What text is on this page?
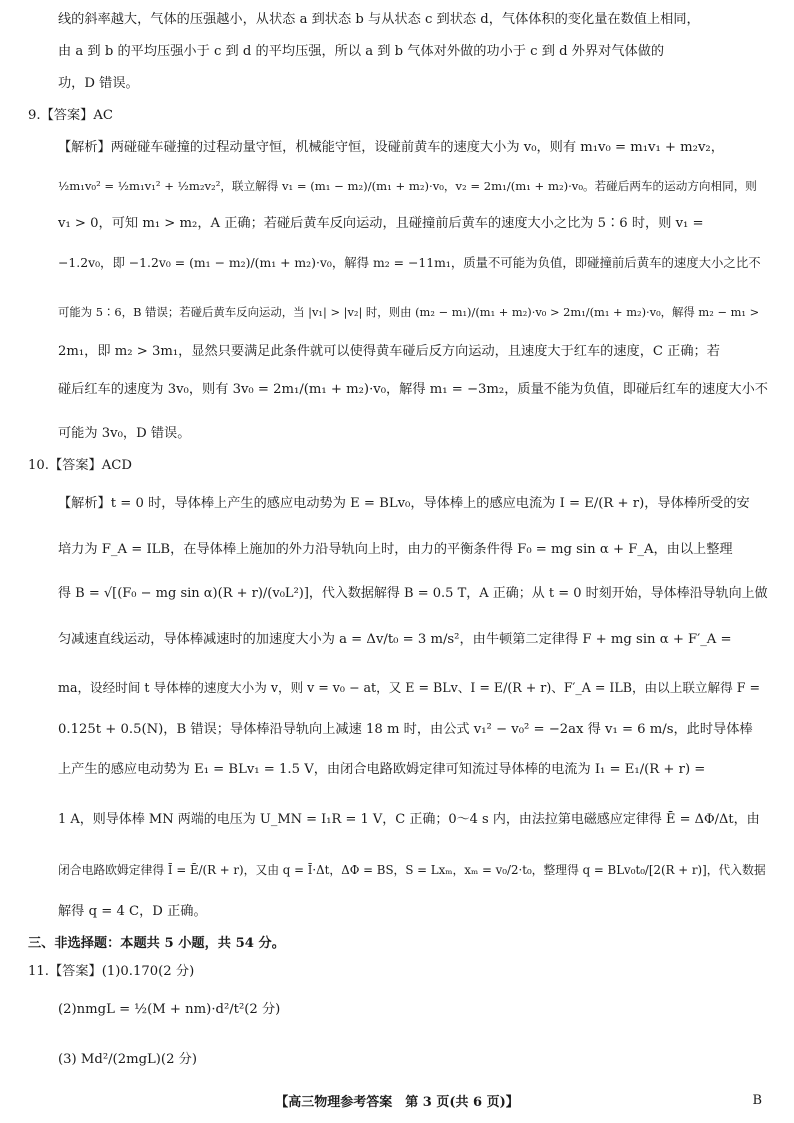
线的斜率越大，气体的压强越小，从状态 a 到状态 b 与从状态 c 到状态 d，气体体积的变化量在数值上相同，
由 a 到 b 的平均压强小于 c 到 d 的平均压强，所以 a 到 b 气体对外做的功小于 c 到 d 外界对气体做的
功，D 错误。
9.【答案】AC
【解析】两碰碰车碰撞的过程动量守恒，机械能守恒，设碰前黄车的速度大小为 v₀，则有 m₁v₀ = m₁v₁ + m₂v₂，
½m₁v₀² = ½m₁v₁² + ½m₂v₂²，联立解得 v₁ = (m₁ − m₂)/(m₁ + m₂)·v₀，v₂ = 2m₁/(m₁ + m₂)·v₀。若碰后两车的运动方向相同，则
v₁ > 0，可知 m₁ > m₂，A 正确；若碰后黄车反向运动，且碰撞前后黄车的速度大小之比为 5∶6 时，则 v₁ =
−1.2v₀，即 −1.2v₀ = (m₁ − m₂)/(m₁ + m₂)·v₀，解得 m₂ = −11m₁，质量不可能为负值，即碰撞前后黄车的速度大小之比不
可能为 5∶6，B 错误；若碰后黄车反向运动，当 |v₁| > |v₂| 时，则由 (m₂ − m₁)/(m₁ + m₂)·v₀ > 2m₁/(m₁ + m₂)·v₀，解得 m₂ − m₁ >
2m₁，即 m₂ > 3m₁，显然只要满足此条件就可以使得黄车碰后反方向运动，且速度大于红车的速度，C 正确；若
碰后红车的速度为 3v₀，则有 3v₀ = 2m₁/(m₁ + m₂)·v₀，解得 m₁ = −3m₂，质量不能为负值，即碰后红车的速度大小不
可能为 3v₀，D 错误。
10.【答案】ACD
【解析】t = 0 时，导体棒上产生的感应电动势为 E = BLv₀，导体棒上的感应电流为 I = E/(R + r)，导体棒所受的安
培力为 F_A = ILB，在导体棒上施加的外力沿导轨向上时，由力的平衡条件得 F₀ = mg sin α + F_A，由以上整理
得 B = √[(F₀ − mg sin α)(R + r)/(v₀L²)]，代入数据解得 B = 0.5 T，A 正确；从 t = 0 时刻开始，导体棒沿导轨向上做
匀减速直线运动，导体棒减速时的加速度大小为 a = Δv/t₀ = 3 m/s²，由牛顿第二定律得 F + mg sin α + F′_A =
ma，设经时间 t 导体棒的速度大小为 v，则 v = v₀ − at，又 E = BLv、I = E/(R + r)、F′_A = ILB，由以上联立解得 F =
0.125t + 0.5(N)，B 错误；导体棒沿导轨向上减速 18 m 时，由公式 v₁² − v₀² = −2ax 得 v₁ = 6 m/s，此时导体棒
上产生的感应电动势为 E₁ = BLv₁ = 1.5 V，由闭合电路欧姆定律可知流过导体棒的电流为 I₁ = E₁/(R + r) =
1 A，则导体棒 MN 两端的电压为 U_MN = I₁R = 1 V，C 正确；0～4 s 内，由法拉第电磁感应定律得 Ē = ΔΦ/Δt，由
闭合电路欧姆定律得 Ī = Ē/(R + r)，又由 q = Ī·Δt，ΔΦ = BS，S = Lxₘ，xₘ = v₀/2·t₀，整理得 q = BLv₀t₀/[2(R + r)]，代入数据
解得 q = 4 C，D 正确。
三、非选择题：本题共 5 小题，共 54 分。
11.【答案】(1)0.170(2 分)
(2)nmgL = ½(M + nm)·d²/t²(2 分)
(3) Md²/(2mgL)(2 分)
【高三物理参考答案　第 3 页(共 6 页)】	B
